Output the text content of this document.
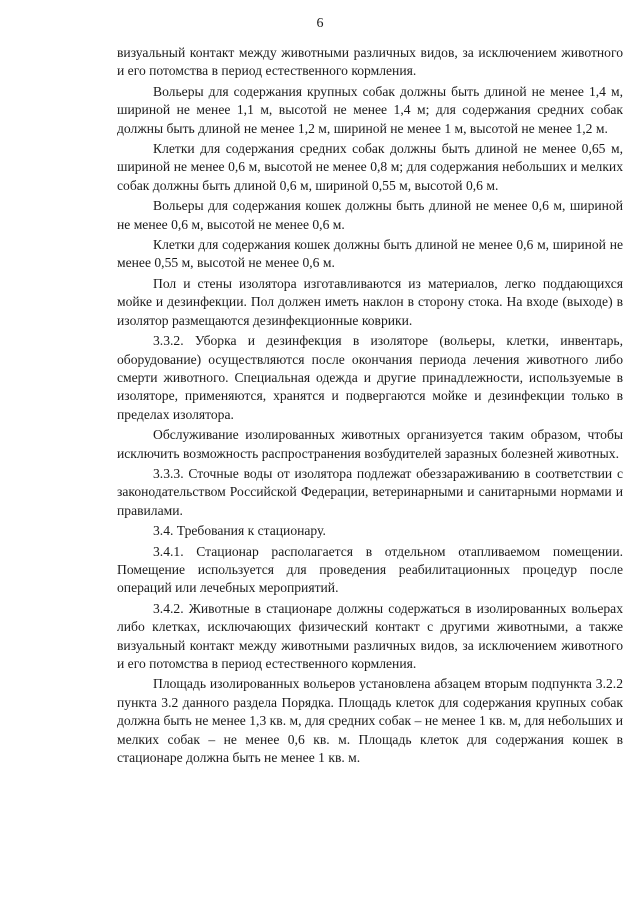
6

визуальный контакт между животными различных видов, за исключением животного и его потомства в период естественного кормления.

Вольеры для содержания крупных собак должны быть длиной не менее 1,4 м, шириной не менее 1,1 м, высотой не менее 1,4 м; для содержания средних собак должны быть длиной не менее 1,2 м, шириной не менее 1 м, высотой не менее 1,2 м.

Клетки для содержания средних собак должны быть длиной не менее 0,65 м, шириной не менее 0,6 м, высотой не менее 0,8 м; для содержания небольших и мелких собак должны быть длиной 0,6 м, шириной 0,55 м, высотой 0,6 м.

Вольеры для содержания кошек должны быть длиной не менее 0,6 м, шириной не менее 0,6 м, высотой не менее 0,6 м.

Клетки для содержания кошек должны быть длиной не менее 0,6 м, шириной не менее 0,55 м, высотой не менее 0,6 м.

Пол и стены изолятора изготавливаются из материалов, легко поддающихся мойке и дезинфекции. Пол должен иметь наклон в сторону стока. На входе (выходе) в изолятор размещаются дезинфекционные коврики.

3.3.2. Уборка и дезинфекция в изоляторе (вольеры, клетки, инвентарь, оборудование) осуществляются после окончания периода лечения животного либо смерти животного. Специальная одежда и другие принадлежности, используемые в изоляторе, применяются, хранятся и подвергаются мойке и дезинфекции только в пределах изолятора.

Обслуживание изолированных животных организуется таким образом, чтобы исключить возможность распространения возбудителей заразных болезней животных.

3.3.3. Сточные воды от изолятора подлежат обеззараживанию в соответствии с законодательством Российской Федерации, ветеринарными и санитарными нормами и правилами.

3.4. Требования к стационару.

3.4.1. Стационар располагается в отдельном отапливаемом помещении. Помещение используется для проведения реабилитационных процедур после операций или лечебных мероприятий.

3.4.2. Животные в стационаре должны содержаться в изолированных вольерах либо клетках, исключающих физический контакт с другими животными, а также визуальный контакт между животными различных видов, за исключением животного и его потомства в период естественного кормления.

Площадь изолированных вольеров установлена абзацем вторым подпункта 3.2.2 пункта 3.2 данного раздела Порядка. Площадь клеток для содержания крупных собак должна быть не менее 1,3 кв. м, для средних собак – не менее 1 кв. м, для небольших и мелких собак – не менее 0,6 кв. м. Площадь клеток для содержания кошек в стационаре должна быть не менее 1 кв. м.
